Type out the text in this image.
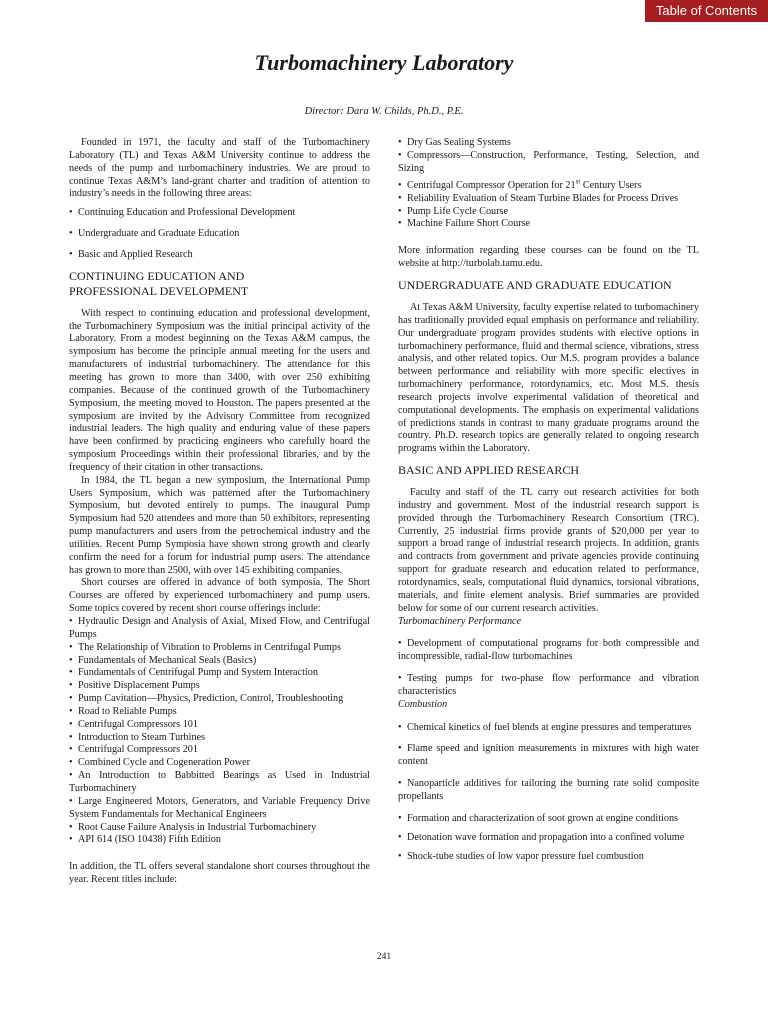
Table of Contents
Turbomachinery Laboratory
Director: Dara W. Childs, Ph.D., P.E.

Founded in 1971, the faculty and staff of the Turbomachinery Laboratory (TL) and Texas A&M University continue to address the needs of the pump and turbomachinery industries. We are proud to continue Texas A&M’s land-grant charter and tradition of attention to industry’s needs in the following three areas:

• Continuing Education and Professional Development
• Undergraduate and Graduate Education
• Basic and Applied Research
CONTINUING EDUCATION AND
PROFESSIONAL DEVELOPMENT

With respect to continuing education and professional development, the Turbomachinery Symposium was the initial principal activity of the Laboratory. From a modest beginning on the Texas A&M campus, the symposium has become the principle annual meeting for the users and manufacturers of industrial turbomachinery. The attendance for this meeting has grown to more than 3400, with over 250 exhibiting companies. Because of the continued growth of the Turbomachinery Symposium, the meeting moved to Houston. The papers presented at the symposium are invited by the Advisory Committee from recognized industrial leaders. The high quality and enduring value of these papers have been confirmed by practicing engineers who carefully hoard the symposium Proceedings within their professional libraries, and by the frequency of their citation in other transactions.

In 1984, the TL began a new symposium, the International Pump Users Symposium, which was patterned after the Turbomachinery Symposium, but devoted entirely to pumps. The inaugural Pump Symposium had 520 attendees and more than 50 exhibitors, representing pump manufacturers and users from the petrochemical industry and the utilities. Recent Pump Symposia have shown strong growth and clearly confirm the need for a forum for industrial pump users. The attendance has grown to more than 2500, with over 145 exhibiting companies.

Short courses are offered in advance of both symposia. The Short Courses are offered by experienced turbomachinery and pump users. Some topics covered by recent short course offerings include:

• Hydraulic Design and Analysis of Axial, Mixed Flow, and Centrifugal Pumps
• The Relationship of Vibration to Problems in Centrifugal Pumps
• Fundamentals of Mechanical Seals (Basics)
• Fundamentals of Centrifugal Pump and System Interaction
• Positive Displacement Pumps
• Pump Cavitation—Physics, Prediction, Control, Troubleshooting
• Road to Reliable Pumps
• Centrifugal Compressors 101
• Introduction to Steam Turbines
• Centrifugal Compressors 201
• Combined Cycle and Cogeneration Power
• An Introduction to Babbitted Bearings as Used in Industrial Turbomachinery
• Large Engineered Motors, Generators, and Variable Frequency Drive System Fundamentals for Mechanical Engineers
• Root Cause Failure Analysis in Industrial Turbomachinery
• API 614 (ISO 10438) Fifth Edition

In addition, the TL offers several standalone short courses throughout the year. Recent titles include:

• Dry Gas Sealing Systems
• Compressors—Construction, Performance, Testing, Selection, and Sizing
• Centrifugal Compressor Operation for 21st Century Users
• Reliability Evaluation of Steam Turbine Blades for Process Drives
• Pump Life Cycle Course
• Machine Failure Short Course

More information regarding these courses can be found on the TL website at http://turbolab.tamu.edu.

UNDERGRADUATE AND GRADUATE EDUCATION

At Texas A&M University, faculty expertise related to turbomachinery has traditionally provided equal emphasis on performance and reliability. Our undergraduate program provides students with elective options in turbomachinery performance, fluid and thermal science, vibrations, stress analysis, and other related topics. Our M.S. program provides a balance between performance and reliability with more specific electives in turbomachinery performance, rotordynamics, etc. Most M.S. thesis research projects involve experimental validation of theoretical and computational developments. The emphasis on experimental validations of predictions stands in contrast to many graduate programs around the country. Ph.D. research topics are generally related to ongoing research programs within the Laboratory.

BASIC AND APPLIED RESEARCH

Faculty and staff of the TL carry out research activities for both industry and government. Most of the industrial research support is provided through the Turbomachinery Research Consortium (TRC). Currently, 25 industrial firms provide grants of $20,000 per year to support a broad range of industrial research projects. In addition, grants and contracts from government and private agencies provide continuing support for graduate research and education related to performance, rotordynamics, seals, computational fluid dynamics, torsional vibrations, materials, and finite element analysis. Brief summaries are provided below for some of our current research activities.

Turbomachinery Performance

• Development of computational programs for both compressible and incompressible, radial-flow turbomachines
• Testing pumps for two-phase flow performance and vibration characteristics

Combustion

• Chemical kinetics of fuel blends at engine pressures and temperatures
• Flame speed and ignition measurements in mixtures with high water content
• Nanoparticle additives for tailoring the burning rate solid composite propellants
• Formation and characterization of soot grown at engine conditions
• Detonation wave formation and propagation into a confined volume
• Shock-tube studies of low vapor pressure fuel combustion
241
